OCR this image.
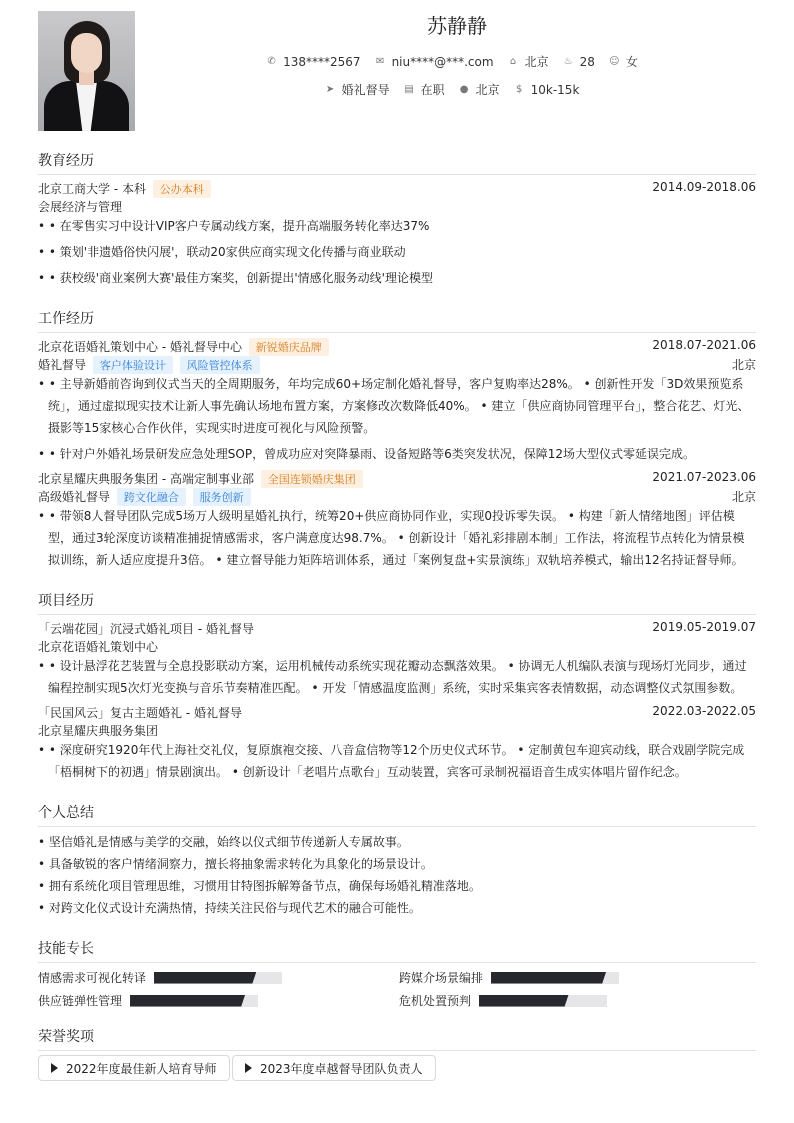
苏静静
✆ 138****2567 ✉ niu****@***.com ⌂ 北京 ♨ 28 ☺ 女
➤ 婚礼督导 ▤ 在职 ● 北京 $ 10k-15k
教育经历
北京工商大学 - 本科 公办本科	2014.09-2018.06
会展经济与管理
• • 在零售实习中设计VIP客户专属动线方案，提升高端服务转化率达37%
• • 策划'非遗婚俗快闪展'，联动20家供应商实现文化传播与商业联动
• • 获校级'商业案例大赛'最佳方案奖，创新提出'情感化服务动线'理论模型
工作经历
北京花语婚礼策划中心 - 婚礼督导中心 新锐婚庆品牌	2018.07-2021.06
婚礼督导 客户体验设计 风险管控体系	北京
• • 主导新婚前咨询到仪式当天的全周期服务，年均完成60+场定制化婚礼督导，客户复购率达28%。 • 创新性开发「3D效果预览系统」，通过虚拟现实技术让新人事先确认场地布置方案，方案修改次数降低40%。 • 建立「供应商协同管理平台」，整合花艺、灯光、摄影等15家核心合作伙伴，实现实时进度可视化与风险预警。
• • 针对户外婚礼场景研发应急处理SOP，曾成功应对突降暴雨、设备短路等6类突发状况，保障12场大型仪式零延误完成。
北京星耀庆典服务集团 - 高端定制事业部 全国连锁婚庆集团	2021.07-2023.06
高级婚礼督导 跨文化融合 服务创新	北京
• • 带领8人督导团队完成5场万人级明星婚礼执行，统筹20+供应商协同作业，实现0投诉零失误。 • 构建「新人情绪地图」评估模型，通过3轮深度访谈精准捕捉情感需求，客户满意度达98.7%。 • 创新设计「婚礼彩排剧本制」工作法，将流程节点转化为情景模拟训练，新人适应度提升3倍。 • 建立督导能力矩阵培训体系，通过「案例复盘+实景演练」双轨培养模式，输出12名持证督导师。
项目经历
「云端花园」沉浸式婚礼项目 - 婚礼督导	2019.05-2019.07
北京花语婚礼策划中心
• • 设计悬浮花艺装置与全息投影联动方案，运用机械传动系统实现花瓣动态飘落效果。 • 协调无人机编队表演与现场灯光同步，通过编程控制实现5次灯光变换与音乐节奏精准匹配。 • 开发「情感温度监测」系统，实时采集宾客表情数据，动态调整仪式氛围参数。
「民国风云」复古主题婚礼 - 婚礼督导	2022.03-2022.05
北京星耀庆典服务集团
• • 深度研究1920年代上海社交礼仪，复原旗袍交接、八音盒信物等12个历史仪式环节。 • 定制黄包车迎宾动线，联合戏剧学院完成「梧桐树下的初遇」情景剧演出。 • 创新设计「老唱片点歌台」互动装置，宾客可录制祝福语音生成实体唱片留作纪念。
个人总结
• 坚信婚礼是情感与美学的交融，始终以仪式细节传递新人专属故事。
• 具备敏锐的客户情绪洞察力，擅长将抽象需求转化为具象化的场景设计。
• 拥有系统化项目管理思维，习惯用甘特图拆解筹备节点，确保每场婚礼精准落地。
• 对跨文化仪式设计充满热情，持续关注民俗与现代艺术的融合可能性。
技能专长
情感需求可视化转译	跨媒介场景编排
供应链弹性管理	危机处置预判
荣誉奖项
2022年度最佳新人培育导师	2023年度卓越督导团队负责人
